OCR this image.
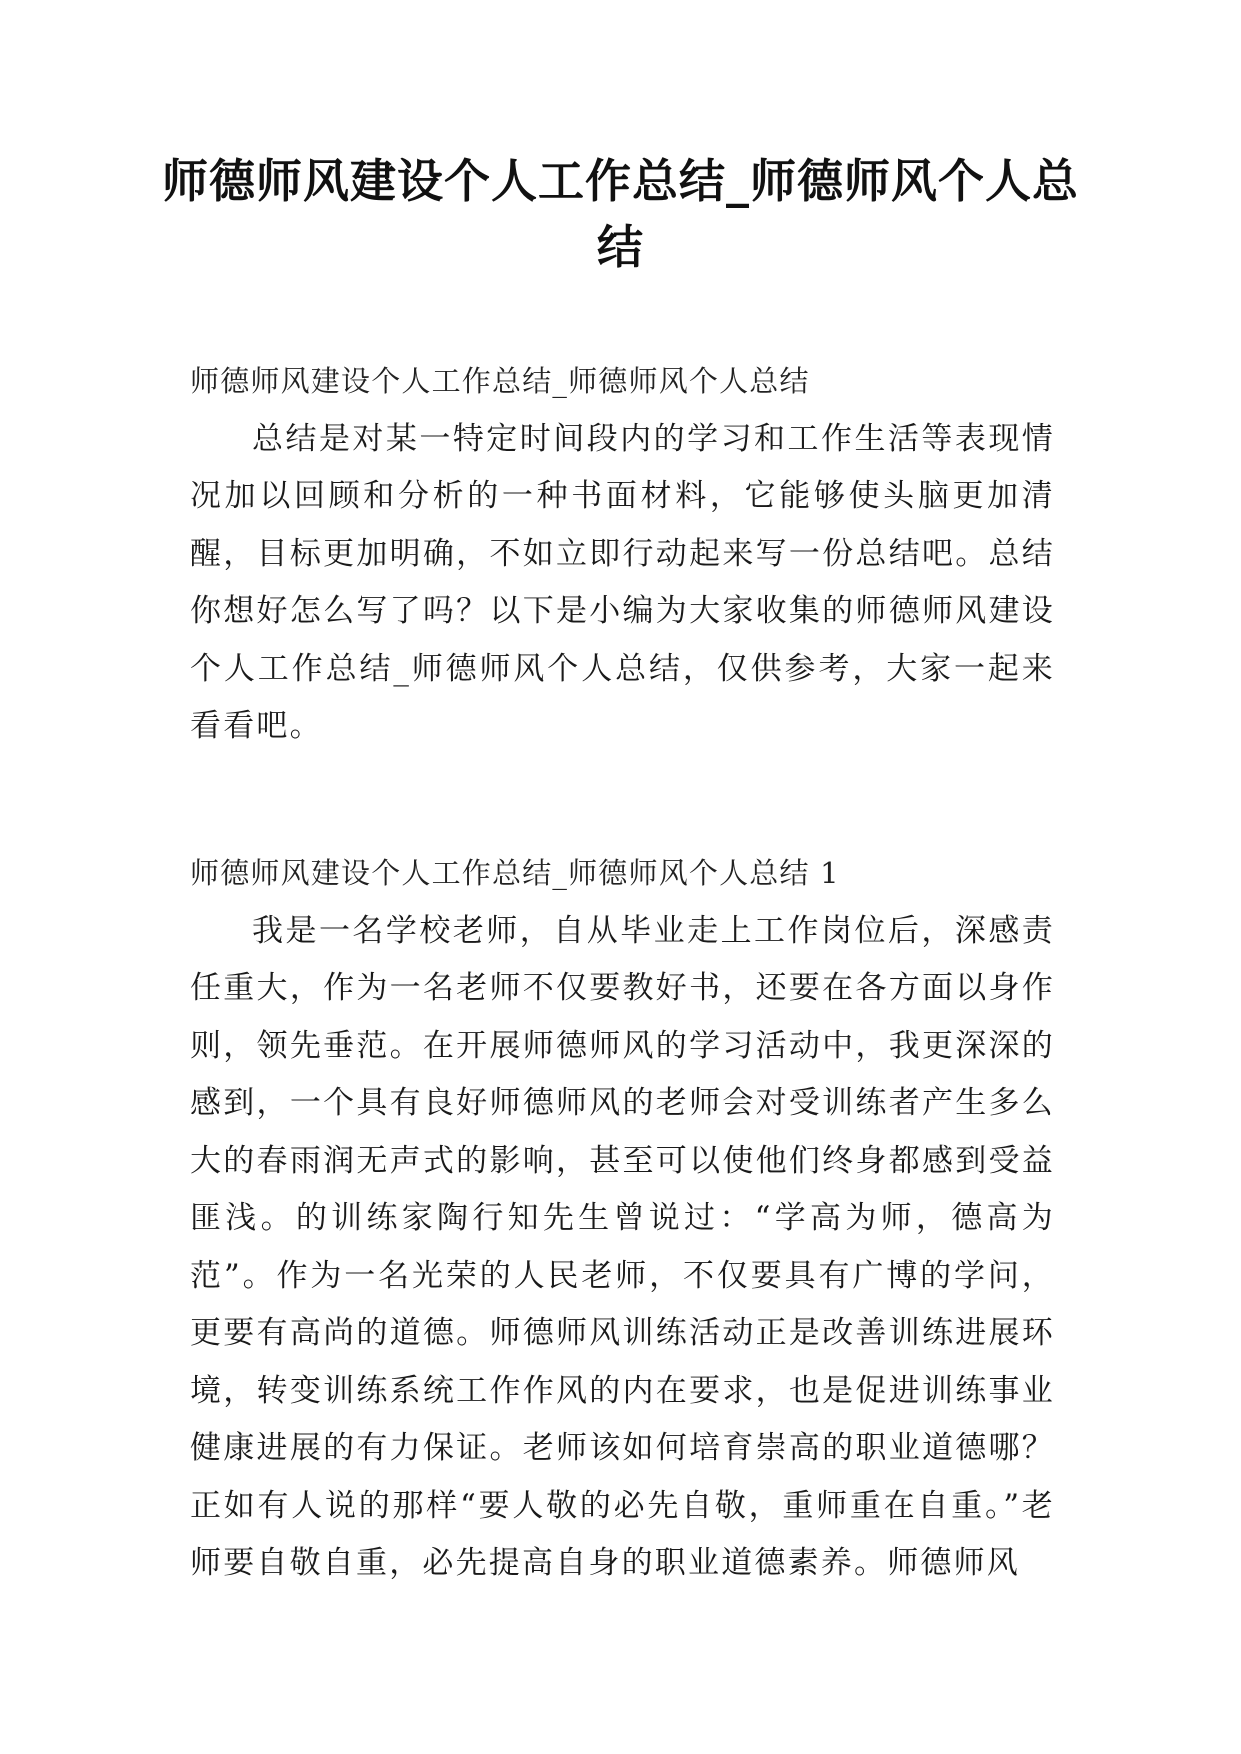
师德师风建设个人工作总结_师德师风个人总结
师德师风建设个人工作总结_师德师风个人总结

总结是对某一特定时间段内的学习和工作生活等表现情况加以回顾和分析的一种书面材料，它能够使头脑更加清醒，目标更加明确，不如立即行动起来写一份总结吧。总结你想好怎么写了吗？以下是小编为大家收集的师德师风建设个人工作总结_师德师风个人总结，仅供参考，大家一起来看看吧。

师德师风建设个人工作总结_师德师风个人总结 1

我是一名学校老师，自从毕业走上工作岗位后，深感责任重大，作为一名老师不仅要教好书，还要在各方面以身作则，领先垂范。在开展师德师风的学习活动中，我更深深的感到，一个具有良好师德师风的老师会对受训练者产生多么大的春雨润无声式的影响，甚至可以使他们终身都感到受益匪浅。的训练家陶行知先生曾说过：“学高为师，德高为范”。作为一名光荣的人民老师，不仅要具有广博的学问，更要有高尚的道德。师德师风训练活动正是改善训练进展环境，转变训练系统工作作风的内在要求，也是促进训练事业健康进展的有力保证。老师该如何培育崇高的职业道德哪？正如有人说的那样“要人敬的必先自敬，重师重在自重。”老师要自敬自重，必先提高自身的职业道德素养。师德师风
